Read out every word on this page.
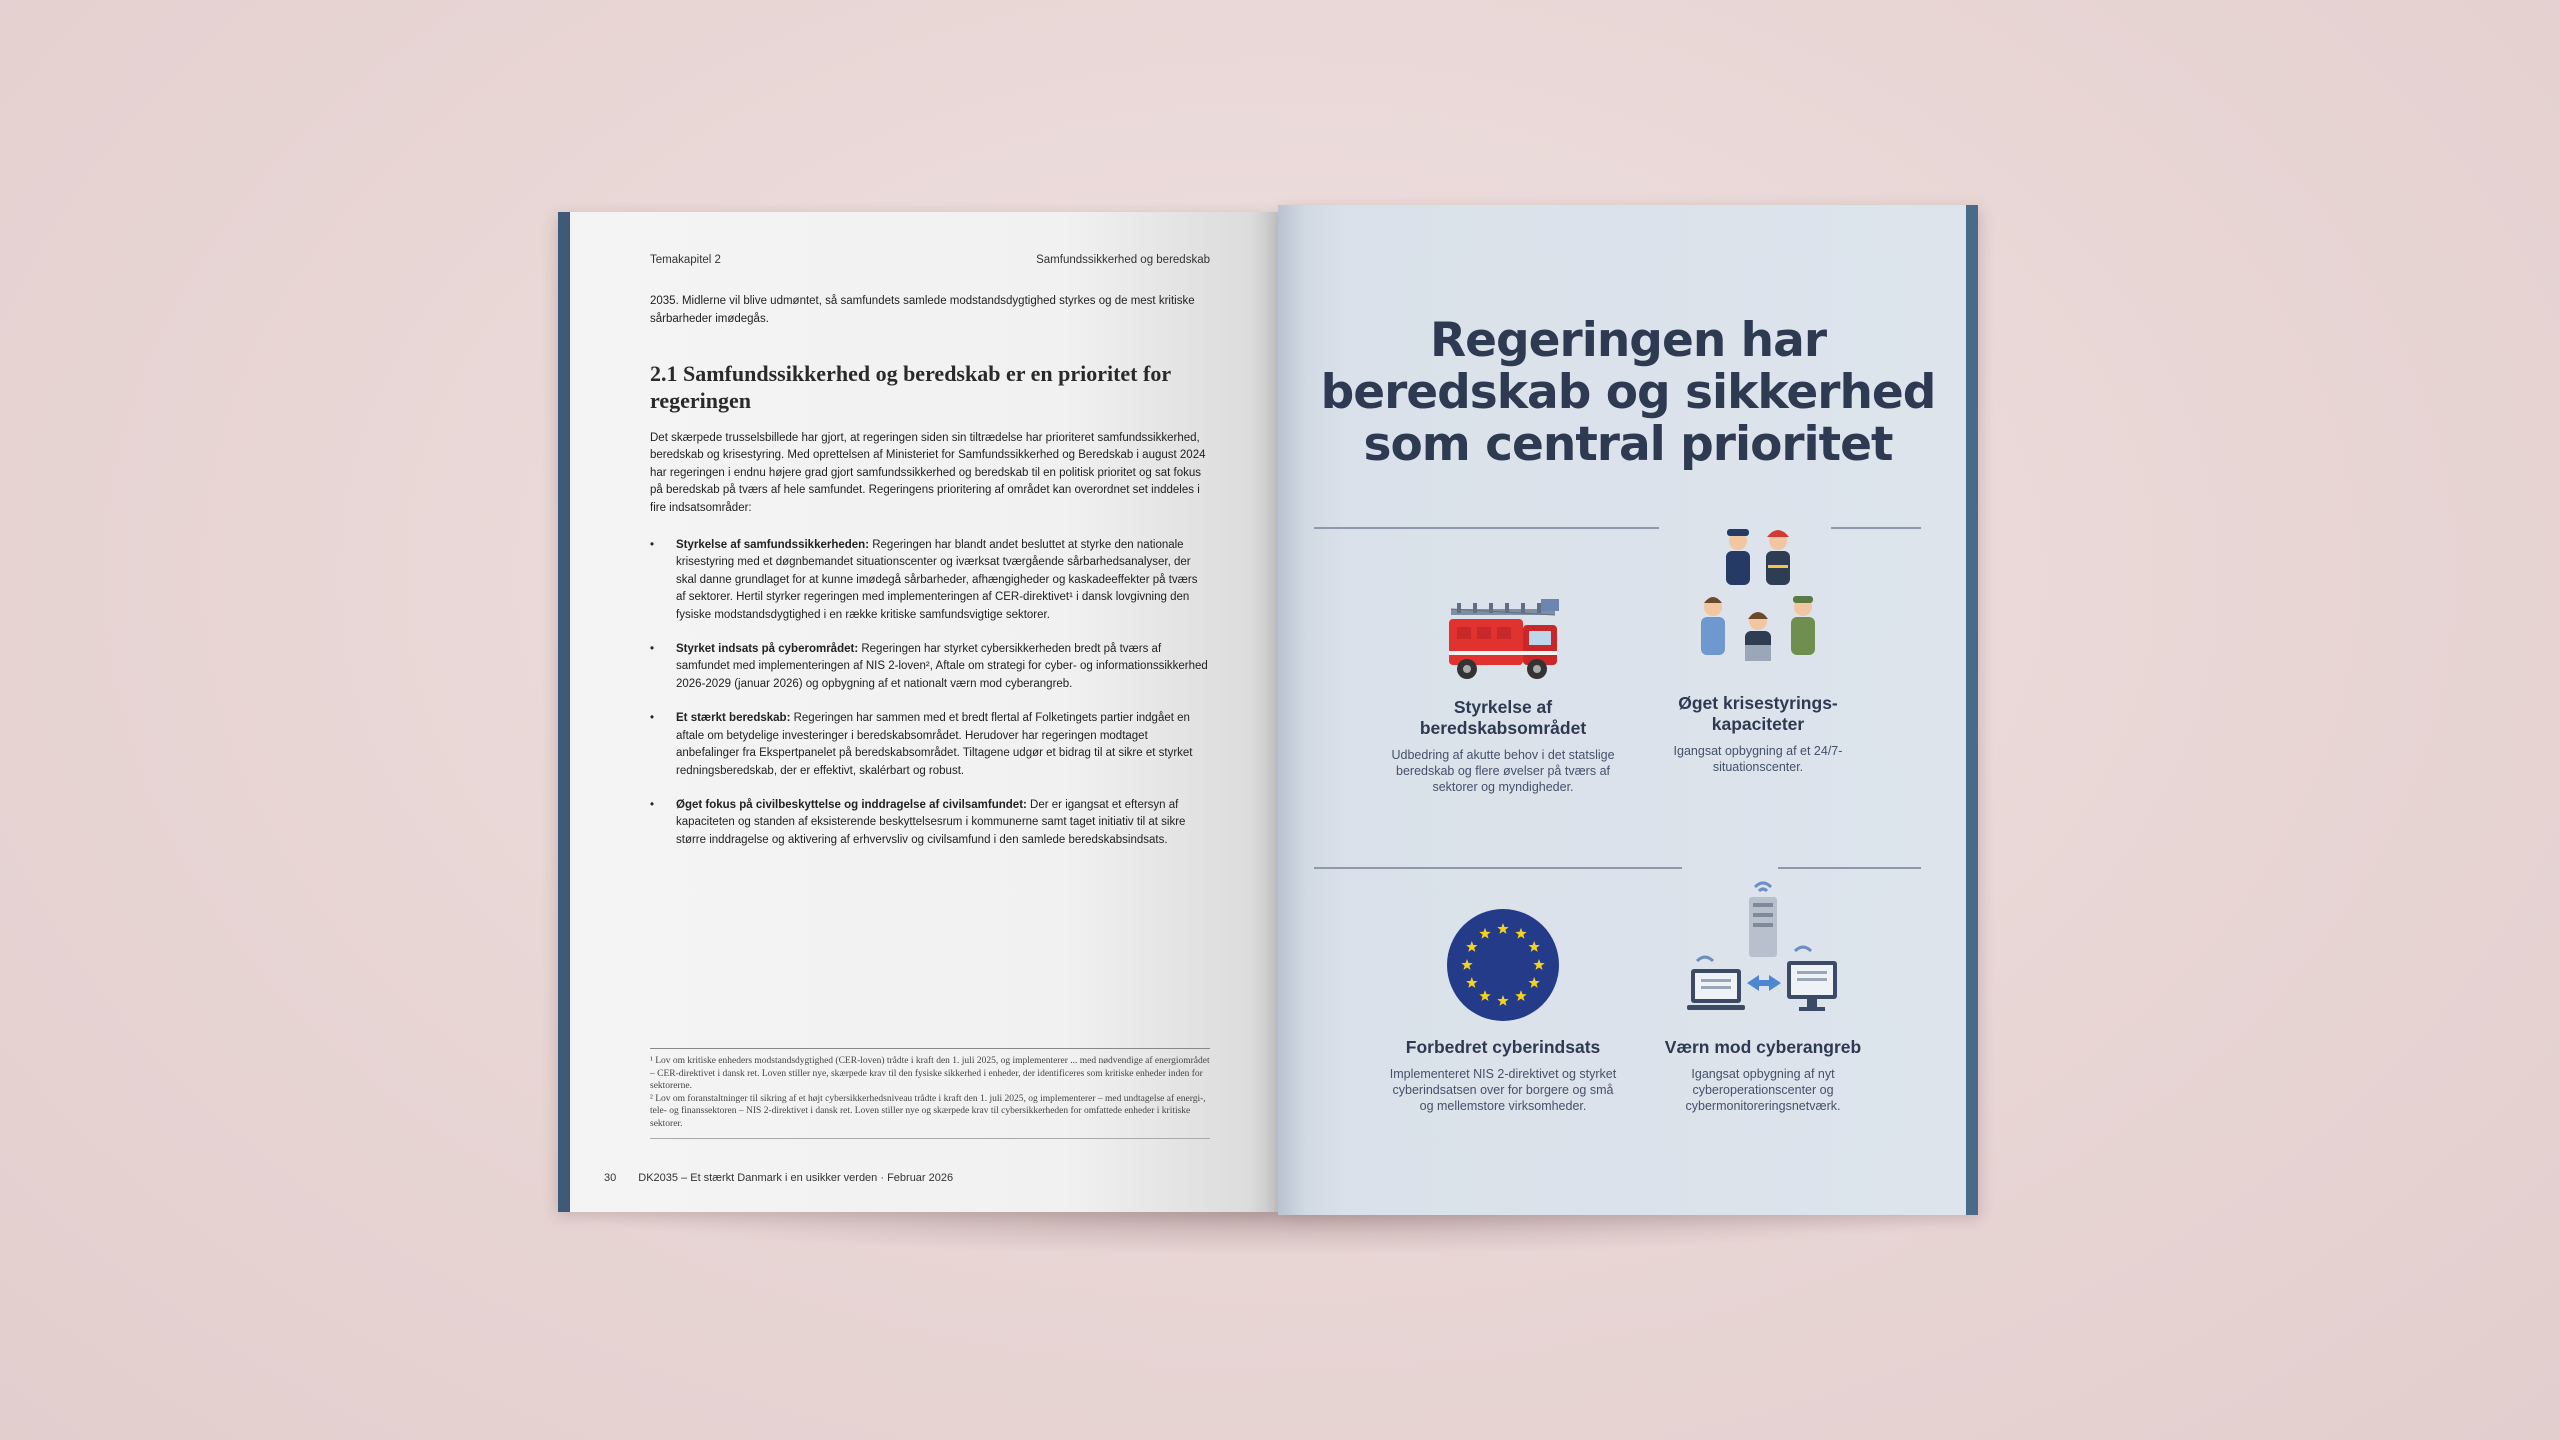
Temakapitel 2	Samfundssikkerhed og beredskab

2035. Midlerne vil blive udmøntet, så samfundets samlede modstandsdygtighed styrkes og de mest kritiske sårbarheder imødegås.

2.1 Samfundssikkerhed og beredskab er en prioritet for regeringen

Det skærpede trusselsbillede har gjort, at regeringen siden sin tiltrædelse har prioriteret samfundssikkerhed, beredskab og krisestyring. Med oprettelsen af Ministeriet for Samfundssikkerhed og Beredskab i august 2024 har regeringen i endnu højere grad gjort samfundssikkerhed og beredskab til en politisk prioritet og sat fokus på beredskab på tværs af hele samfundet. Regeringens prioritering af området kan overordnet set inddeles i fire indsatsområder:

• Styrkelse af samfundssikkerheden: Regeringen har blandt andet besluttet at styrke den nationale krisestyring med et døgnbemandet situationscenter og iværksat tværgående sårbarhedsanalyser, der skal danne grundlaget for at kunne imødegå sårbarheder, afhængigheder og kaskadeeffekter på tværs af sektorer. Hertil styrker regeringen med implementeringen af CER-direktivet¹ i dansk lovgivning den fysiske modstandsdygtighed i en række kritiske samfundsvigtige sektorer.
• Styrket indsats på cyberområdet: Regeringen har styrket cybersikkerheden bredt på tværs af samfundet med implementeringen af NIS 2-loven², Aftale om strategi for cyber- og informationssikkerhed 2026-2029 (januar 2026) og opbygning af et nationalt værn mod cyberangreb.
• Et stærkt beredskab: Regeringen har sammen med et bredt flertal af Folketingets partier indgået en aftale om betydelige investeringer i beredskabsområdet. Herudover har regeringen modtaget anbefalinger fra Ekspertpanelet på beredskabsområdet. Tiltagene udgør et bidrag til at sikre et styrket redningsberedskab, der er effektivt, skalérbart og robust.
• Øget fokus på civilbeskyttelse og inddragelse af civilsamfundet: Der er igangsat et eftersyn af kapaciteten og standen af eksisterende beskyttelsesrum i kommunerne samt taget initiativ til at sikre større inddragelse og aktivering af erhvervsliv og civilsamfund i den samlede beredskabsindsats.

¹ Lov om kritiske enheders modstandsdygtighed (CER-loven) trådte i kraft den 1. juli 2025, og implementerer ... med nødvendige af energiområdet – CER-direktivet i dansk ret. Loven stiller nye, skærpede krav til den fysiske sikkerhed i enheder, der identificeres som kritiske enheder inden for sektorerne.

² Lov om foranstaltninger til sikring af et højt cybersikkerhedsniveau trådte i kraft den 1. juli 2025, og implementerer – med undtagelse af energi-, tele- og finanssektoren – NIS 2-direktivet i dansk ret. Loven stiller nye og skærpede krav til cybersikkerheden for omfattede enheder i kritiske sektorer.

30 DK2035 – Et stærkt Danmark i en usikker verden · Februar 2026
Regeringen har
beredskab og sikkerhed
som central prioritet
Styrkelse af beredskabsområdet
Udbedring af akutte behov i det statslige beredskab og flere øvelser på tværs af sektorer og myndigheder.
Øget krisestyrings-kapaciteter
Igangsat opbygning af et 24/7-situationscenter.
Forbedret cyberindsats
Implementeret NIS 2-direktivet og styrket cyberindsatsen over for borgere og små og mellemstore virksomheder.
Værn mod cyberangreb
Igangsat opbygning af nyt cyberoperationscenter og cybermonitoreringsnetværk.
